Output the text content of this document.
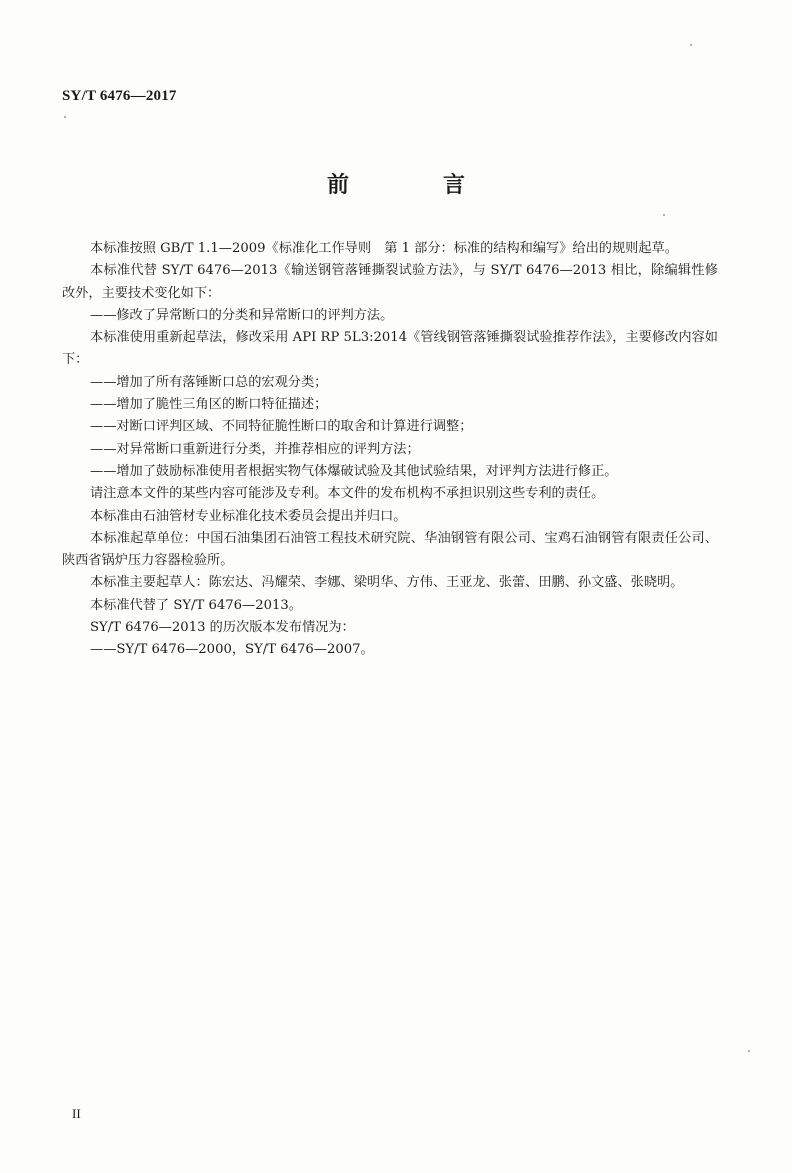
SY/T 6476—2017
前　言

本标准按照 GB/T 1.1—2009《标准化工作导则　第 1 部分：标准的结构和编写》给出的规则起草。

本标准代替 SY/T 6476—2013《输送钢管落锤撕裂试验方法》，与 SY/T 6476—2013 相比，除编辑性修改外，主要技术变化如下：

——修改了异常断口的分类和异常断口的评判方法。

本标准使用重新起草法，修改采用 API RP 5L3:2014《管线钢管落锤撕裂试验推荐作法》，主要修改内容如下：

——增加了所有落锤断口总的宏观分类；

——增加了脆性三角区的断口特征描述；

——对断口评判区域、不同特征脆性断口的取舍和计算进行调整；

——对异常断口重新进行分类，并推荐相应的评判方法；

——增加了鼓励标准使用者根据实物气体爆破试验及其他试验结果，对评判方法进行修正。

请注意本文件的某些内容可能涉及专利。本文件的发布机构不承担识别这些专利的责任。

本标准由石油管材专业标准化技术委员会提出并归口。

本标准起草单位：中国石油集团石油管工程技术研究院、华油钢管有限公司、宝鸡石油钢管有限责任公司、陕西省锅炉压力容器检验所。

本标准主要起草人：陈宏达、冯耀荣、李娜、梁明华、方伟、王亚龙、张蕾、田鹏、孙文盛、张晓明。

本标准代替了 SY/T 6476—2013。

SY/T 6476—2013 的历次版本发布情况为：

——SY/T 6476—2000，SY/T 6476—2007。

II
